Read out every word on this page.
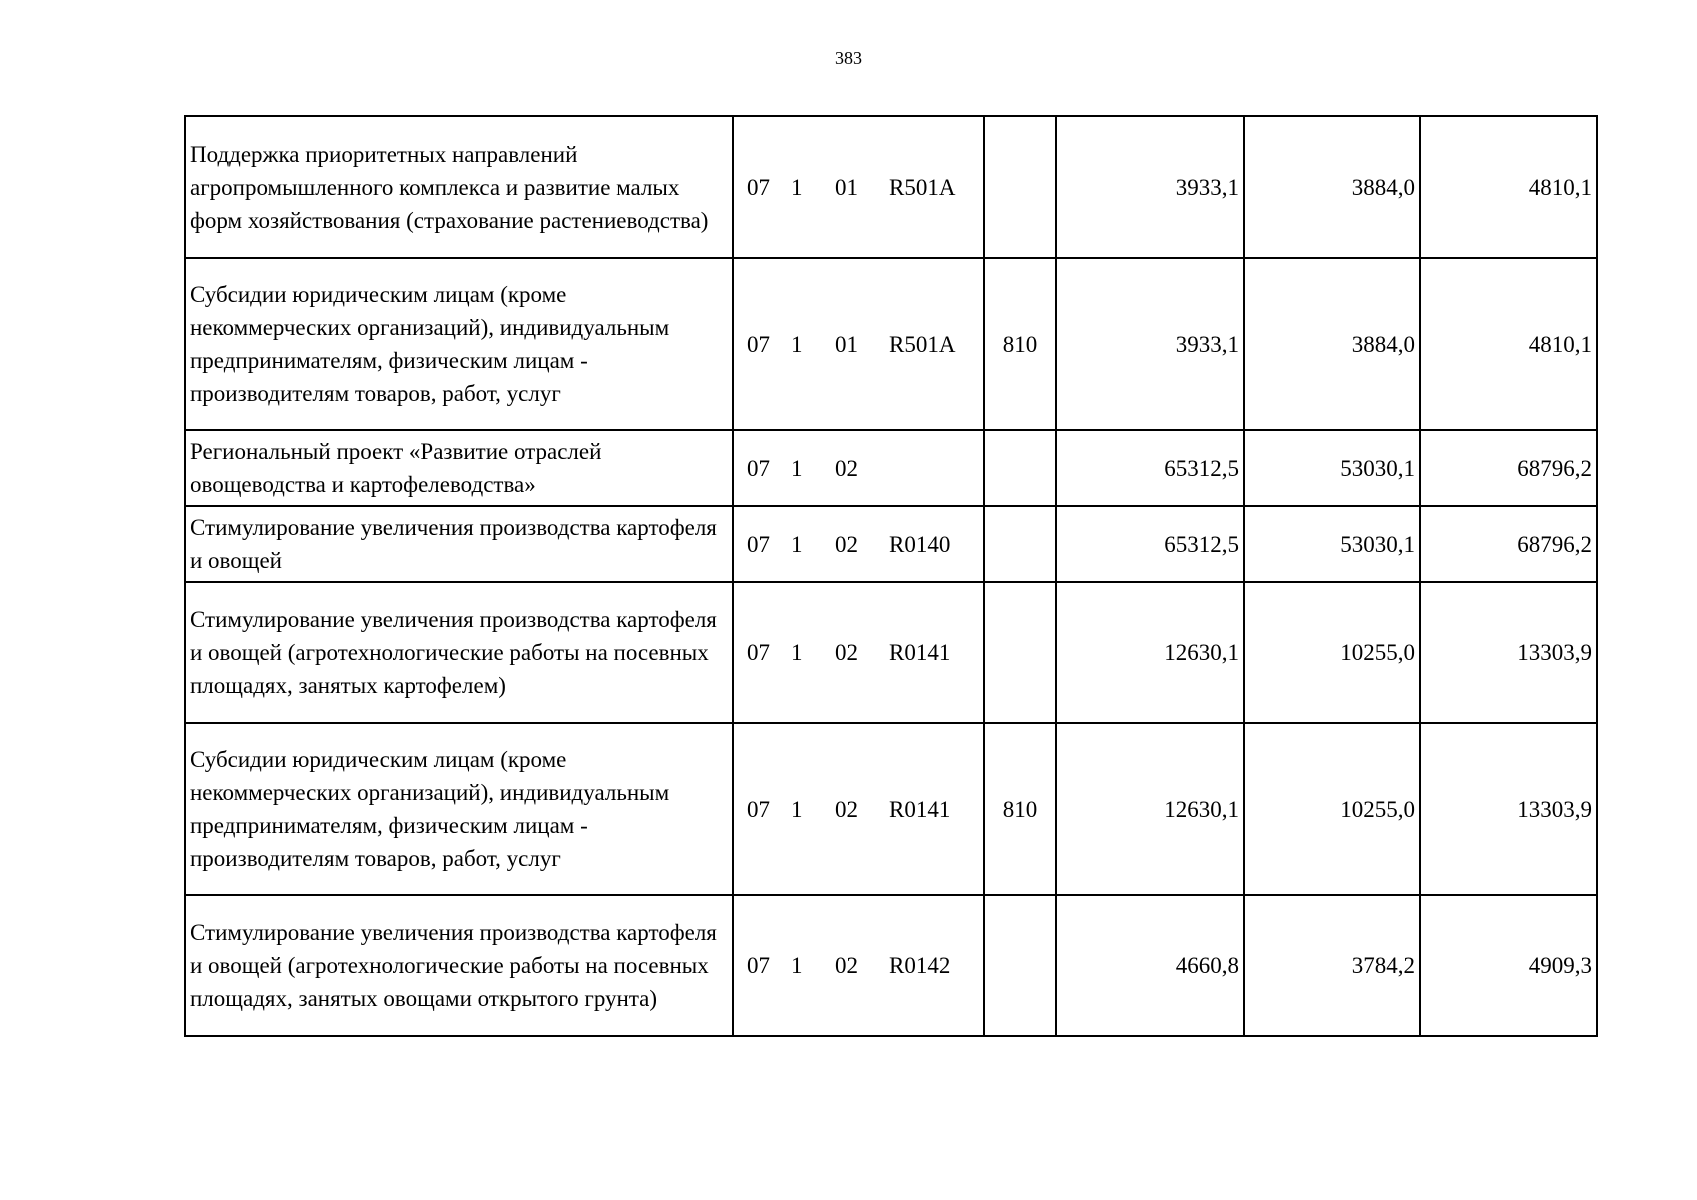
383
Поддержка приоритетных направлений агропромышленного комплекса и развитие малых форм хозяйствования (страхование растениеводства)	07 1 01 R501A		3933,1	3884,0	4810,1
Субсидии юридическим лицам (кроме некоммерческих организаций), индивидуальным предпринимателям, физическим лицам - производителям товаров, работ, услуг	07 1 01 R501A	810	3933,1	3884,0	4810,1
Региональный проект «Развитие отраслей овощеводства и картофелеводства»	07 1 02		65312,5	53030,1	68796,2
Стимулирование увеличения производства картофеля и овощей	07 1 02 R0140		65312,5	53030,1	68796,2
Стимулирование увеличения производства картофеля и овощей (агротехнологические работы на посевных площадях, занятых картофелем)	07 1 02 R0141		12630,1	10255,0	13303,9
Субсидии юридическим лицам (кроме некоммерческих организаций), индивидуальным предпринимателям, физическим лицам - производителям товаров, работ, услуг	07 1 02 R0141	810	12630,1	10255,0	13303,9
Стимулирование увеличения производства картофеля и овощей (агротехнологические работы на посевных площадях, занятых овощами открытого грунта)	07 1 02 R0142		4660,8	3784,2	4909,3
